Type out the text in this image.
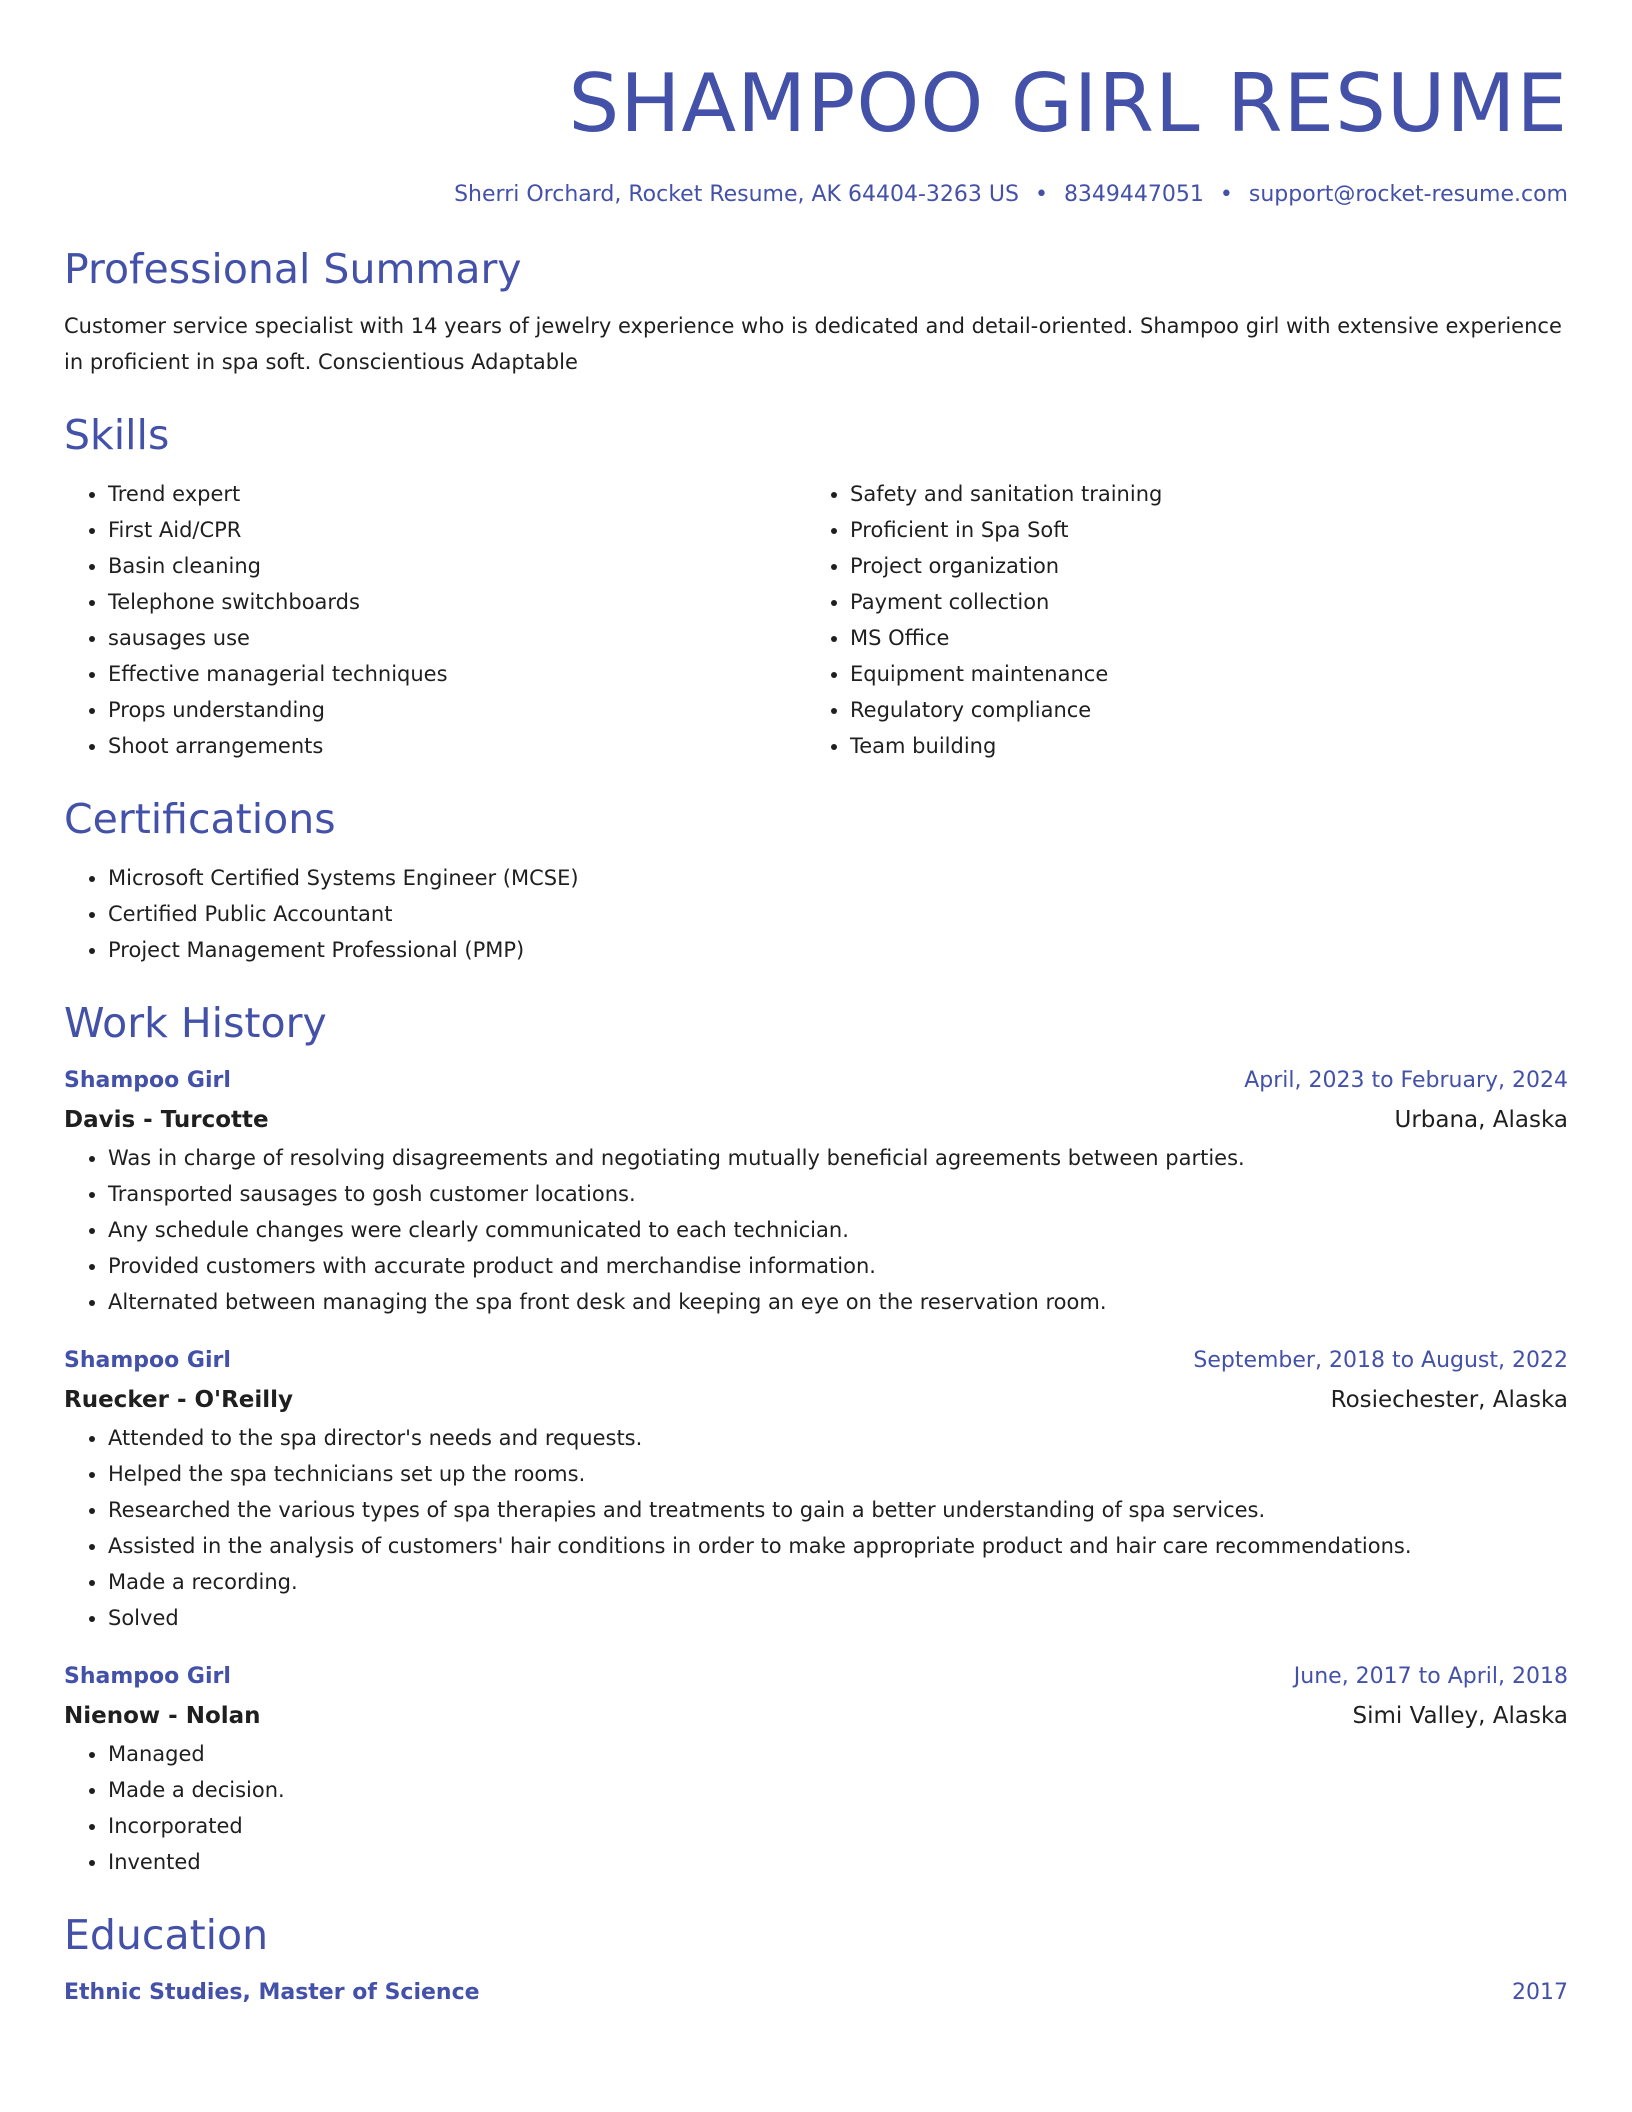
SHAMPOO GIRL RESUME
Sherri Orchard, Rocket Resume, AK 64404-3263 US • 8349447051 • support@rocket-resume.com
Professional Summary
Customer service specialist with 14 years of jewelry experience who is dedicated and detail-oriented. Shampoo girl with extensive experience in proficient in spa soft. Conscientious Adaptable
Skills
• Trend expert
• First Aid/CPR
• Basin cleaning
• Telephone switchboards
• sausages use
• Effective managerial techniques
• Props understanding
• Shoot arrangements
• Safety and sanitation training
• Proficient in Spa Soft
• Project organization
• Payment collection
• MS Office
• Equipment maintenance
• Regulatory compliance
• Team building
Certifications
• Microsoft Certified Systems Engineer (MCSE)
• Certified Public Accountant
• Project Management Professional (PMP)
Work History
Shampoo Girl	April, 2023 to February, 2024
Davis - Turcotte	Urbana, Alaska
• Was in charge of resolving disagreements and negotiating mutually beneficial agreements between parties.
• Transported sausages to gosh customer locations.
• Any schedule changes were clearly communicated to each technician.
• Provided customers with accurate product and merchandise information.
• Alternated between managing the spa front desk and keeping an eye on the reservation room.
Shampoo Girl	September, 2018 to August, 2022
Ruecker - O'Reilly	Rosiechester, Alaska
• Attended to the spa director's needs and requests.
• Helped the spa technicians set up the rooms.
• Researched the various types of spa therapies and treatments to gain a better understanding of spa services.
• Assisted in the analysis of customers' hair conditions in order to make appropriate product and hair care recommendations.
• Made a recording.
• Solved
Shampoo Girl	June, 2017 to April, 2018
Nienow - Nolan	Simi Valley, Alaska
• Managed
• Made a decision.
• Incorporated
• Invented
Education
Ethnic Studies, Master of Science	2017
